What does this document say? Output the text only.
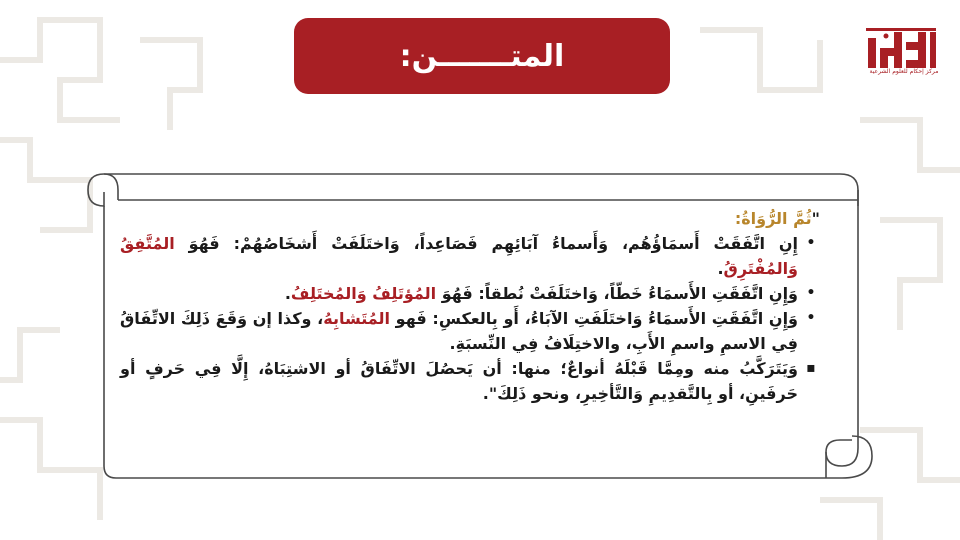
المتـــــــن:	مركز إحكام للعلوم الشرعية
"ثُمَّ الرُّوَاةُ:
•
إِنِ اتَّفَقَتْ أَسمَاؤُهُم، وَأَسماءُ آبَائِهِم فَصَاعِداً، وَاختَلَفَتْ أَشخَاصُهُمْ: فَهُوَ المُتَّفِقُ وَالمُفْتَرِقُ.
•
وَإِنِ اتَّفَقَتِ الأَسمَاءُ خَطّاً، وَاختَلَفَتْ نُطقاً: فَهُوَ المُؤتَلِفُ وَالمُختَلِفُ.
•
وَإِنِ اتَّفَقَتِ الأَسمَاءُ وَاختَلَفَتِ الآبَاءُ، أَو بِالعكسِ: فَهو المُتَشابِهُ، وكذا إن وَقَعَ ذَلِكَ الاتِّفَاقُ فِي الاسمِ واسمِ الأَبِ، والاختِلَافُ فِي النِّسبَةِ.
▪
وَيَتَرَكَّبُ منه ومِمَّا قَبْلَهُ أنواعٌ؛ منها: أن يَحصُلَ الاتِّفَاقُ أو الاشتِبَاهُ، إِلَّا فِي حَرفٍ أو حَرفَينِ، أو بِالتَّقدِيمِ وَالتَّأخِيرِ، ونحو ذَلِكَ".
